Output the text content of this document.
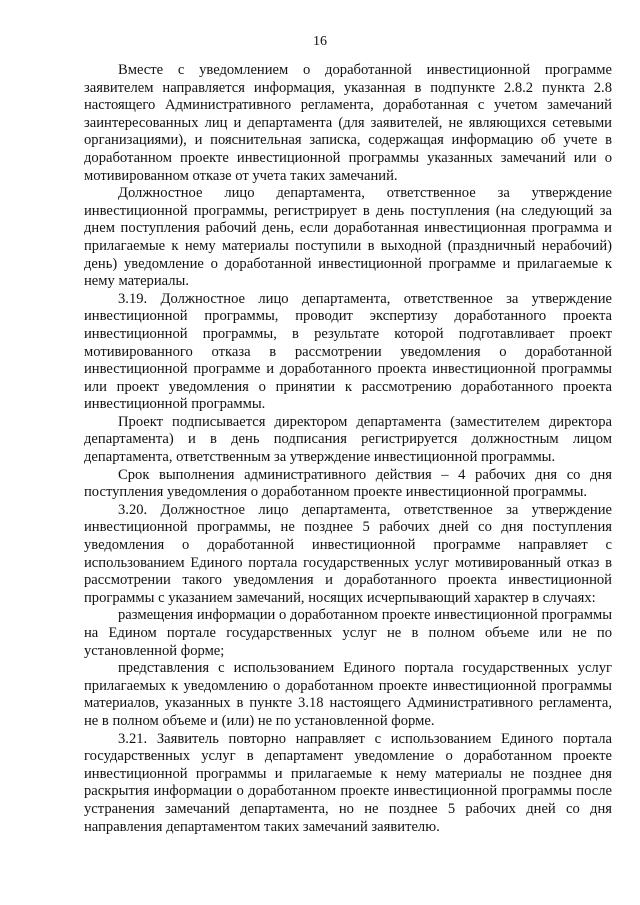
16

Вместе с уведомлением о доработанной инвестиционной программе заявителем направляется информация, указанная в подпункте 2.8.2 пункта 2.8 настоящего Административного регламента, доработанная с учетом замечаний заинтересованных лиц и департамента (для заявителей, не являющихся сетевыми организациями), и пояснительная записка, содержащая информацию об учете в доработанном проекте инвестиционной программы указанных замечаний или о мотивированном отказе от учета таких замечаний.

Должностное лицо департамента, ответственное за утверждение инвестиционной программы, регистрирует в день поступления (на следующий за днем поступления рабочий день, если доработанная инвестиционная программа и прилагаемые к нему материалы поступили в выходной (праздничный нерабочий) день) уведомление о доработанной инвестиционной программе и прилагаемые к нему материалы.

3.19. Должностное лицо департамента, ответственное за утверждение инвестиционной программы, проводит экспертизу доработанного проекта инвестиционной программы, в результате которой подготавливает проект мотивированного отказа в рассмотрении уведомления о доработанной инвестиционной программе и доработанного проекта инвестиционной программы или проект уведомления о принятии к рассмотрению доработанного проекта инвестиционной программы.

Проект подписывается директором департамента (заместителем директора департамента) и в день подписания регистрируется должностным лицом департамента, ответственным за утверждение инвестиционной программы.

Срок выполнения административного действия – 4 рабочих дня со дня поступления уведомления о доработанном проекте инвестиционной программы.

3.20. Должностное лицо департамента, ответственное за утверждение инвестиционной программы, не позднее 5 рабочих дней со дня поступления уведомления о доработанной инвестиционной программе направляет с использованием Единого портала государственных услуг мотивированный отказ в рассмотрении такого уведомления и доработанного проекта инвестиционной программы с указанием замечаний, носящих исчерпывающий характер в случаях:

размещения информации о доработанном проекте инвестиционной программы на Едином портале государственных услуг не в полном объеме или не по установленной форме;

представления с использованием Единого портала государственных услуг прилагаемых к уведомлению о доработанном проекте инвестиционной программы материалов, указанных в пункте 3.18 настоящего Административного регламента, не в полном объеме и (или) не по установленной форме.

3.21. Заявитель повторно направляет с использованием Единого портала государственных услуг в департамент уведомление о доработанном проекте инвестиционной программы и прилагаемые к нему материалы не позднее дня раскрытия информации о доработанном проекте инвестиционной программы после устранения замечаний департамента, но не позднее 5 рабочих дней со дня направления департаментом таких замечаний заявителю.
